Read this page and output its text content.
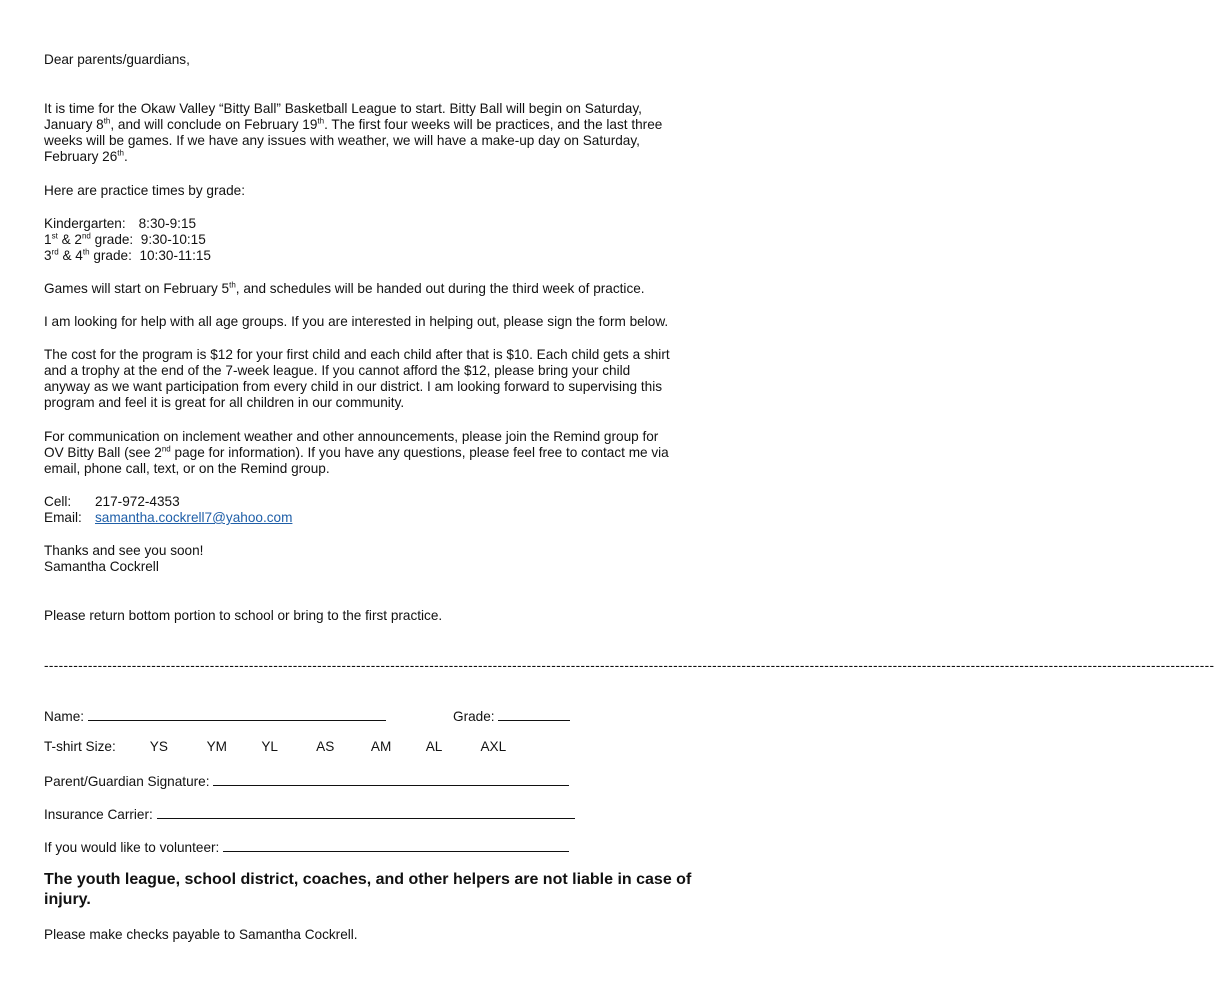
Dear parents/guardians,
It is time for the Okaw Valley “Bitty Ball” Basketball League to start. Bitty Ball will begin on Saturday,
January 8th, and will conclude on February 19th. The first four weeks will be practices, and the last three
weeks will be games. If we have any issues with weather, we will have a make-up day on Saturday,
February 26th.
Here are practice times by grade:
Kindergarten: 8:30-9:15
1st & 2nd grade: 9:30-10:15
3rd & 4th grade: 10:30-11:15
Games will start on February 5th, and schedules will be handed out during the third week of practice.
I am looking for help with all age groups. If you are interested in helping out, please sign the form below.
The cost for the program is $12 for your first child and each child after that is $10. Each child gets a shirt
and a trophy at the end of the 7-week league. If you cannot afford the $12, please bring your child
anyway as we want participation from every child in our district. I am looking forward to supervising this
program and feel it is great for all children in our community.
For communication on inclement weather and other announcements, please join the Remind group for
OV Bitty Ball (see 2nd page for information). If you have any questions, please feel free to contact me via
email, phone call, text, or on the Remind group.
Cell: 217-972-4353
Email: samantha.cockrell7@yahoo.com
Thanks and see you soon!
Samantha Cockrell
Please return bottom portion to school or bring to the first practice.
------------------------------------------------------------------------------------------------------------------------------------------------------------------------------------------------------------------------------------------------
Name:	Grade:
T-shirt Size:	YS	YM	YL	AS	AM	AL	AXL
Parent/Guardian Signature:
Insurance Carrier:
If you would like to volunteer:
The youth league, school district, coaches, and other helpers are not liable in case of injury.
Please make checks payable to Samantha Cockrell.
